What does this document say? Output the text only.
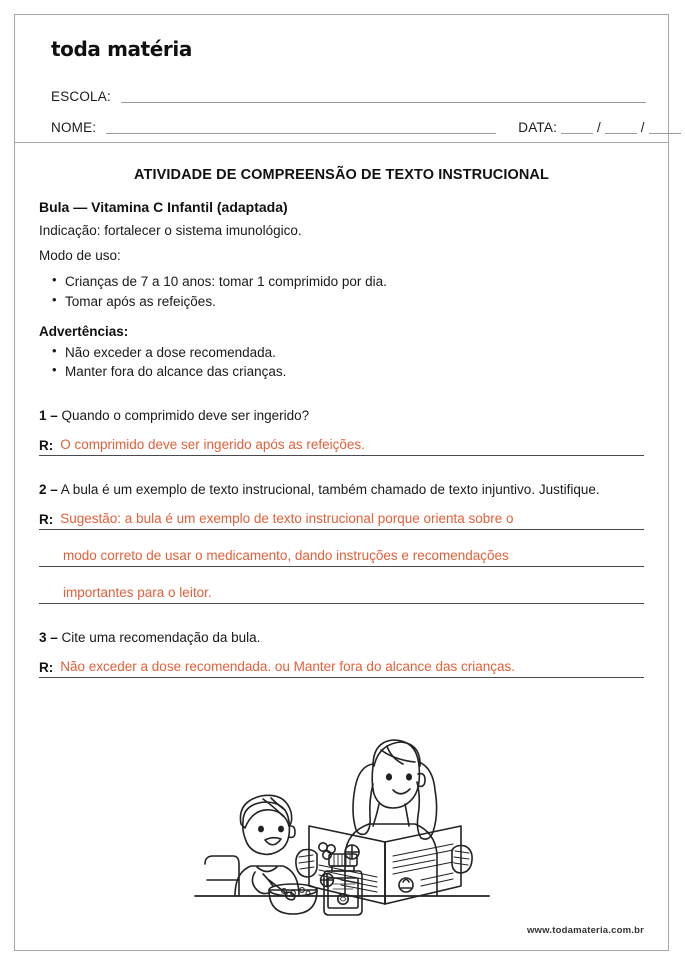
toda matéria
ESCOLA:
NOME:	DATA:	/	/
ATIVIDADE DE COMPREENSÃO DE TEXTO INSTRUCIONAL
Bula — Vitamina C Infantil (adaptada)
Indicação: fortalecer o sistema imunológico.
Modo de uso:
• Crianças de 7 a 10 anos: tomar 1 comprimido por dia.
• Tomar após as refeições.
Advertências:
• Não exceder a dose recomendada.
• Manter fora do alcance das crianças.
1 – Quando o comprimido deve ser ingerido?
R: O comprimido deve ser ingerido após as refeições.
2 – A bula é um exemplo de texto instrucional, também chamado de texto injuntivo. Justifique.
R: Sugestão: a bula é um exemplo de texto instrucional porque orienta sobre o
modo correto de usar o medicamento, dando instruções e recomendações
importantes para o leitor.
3 – Cite uma recomendação da bula.
R: Não exceder a dose recomendada. ou Manter fora do alcance das crianças.
www.todamateria.com.br
